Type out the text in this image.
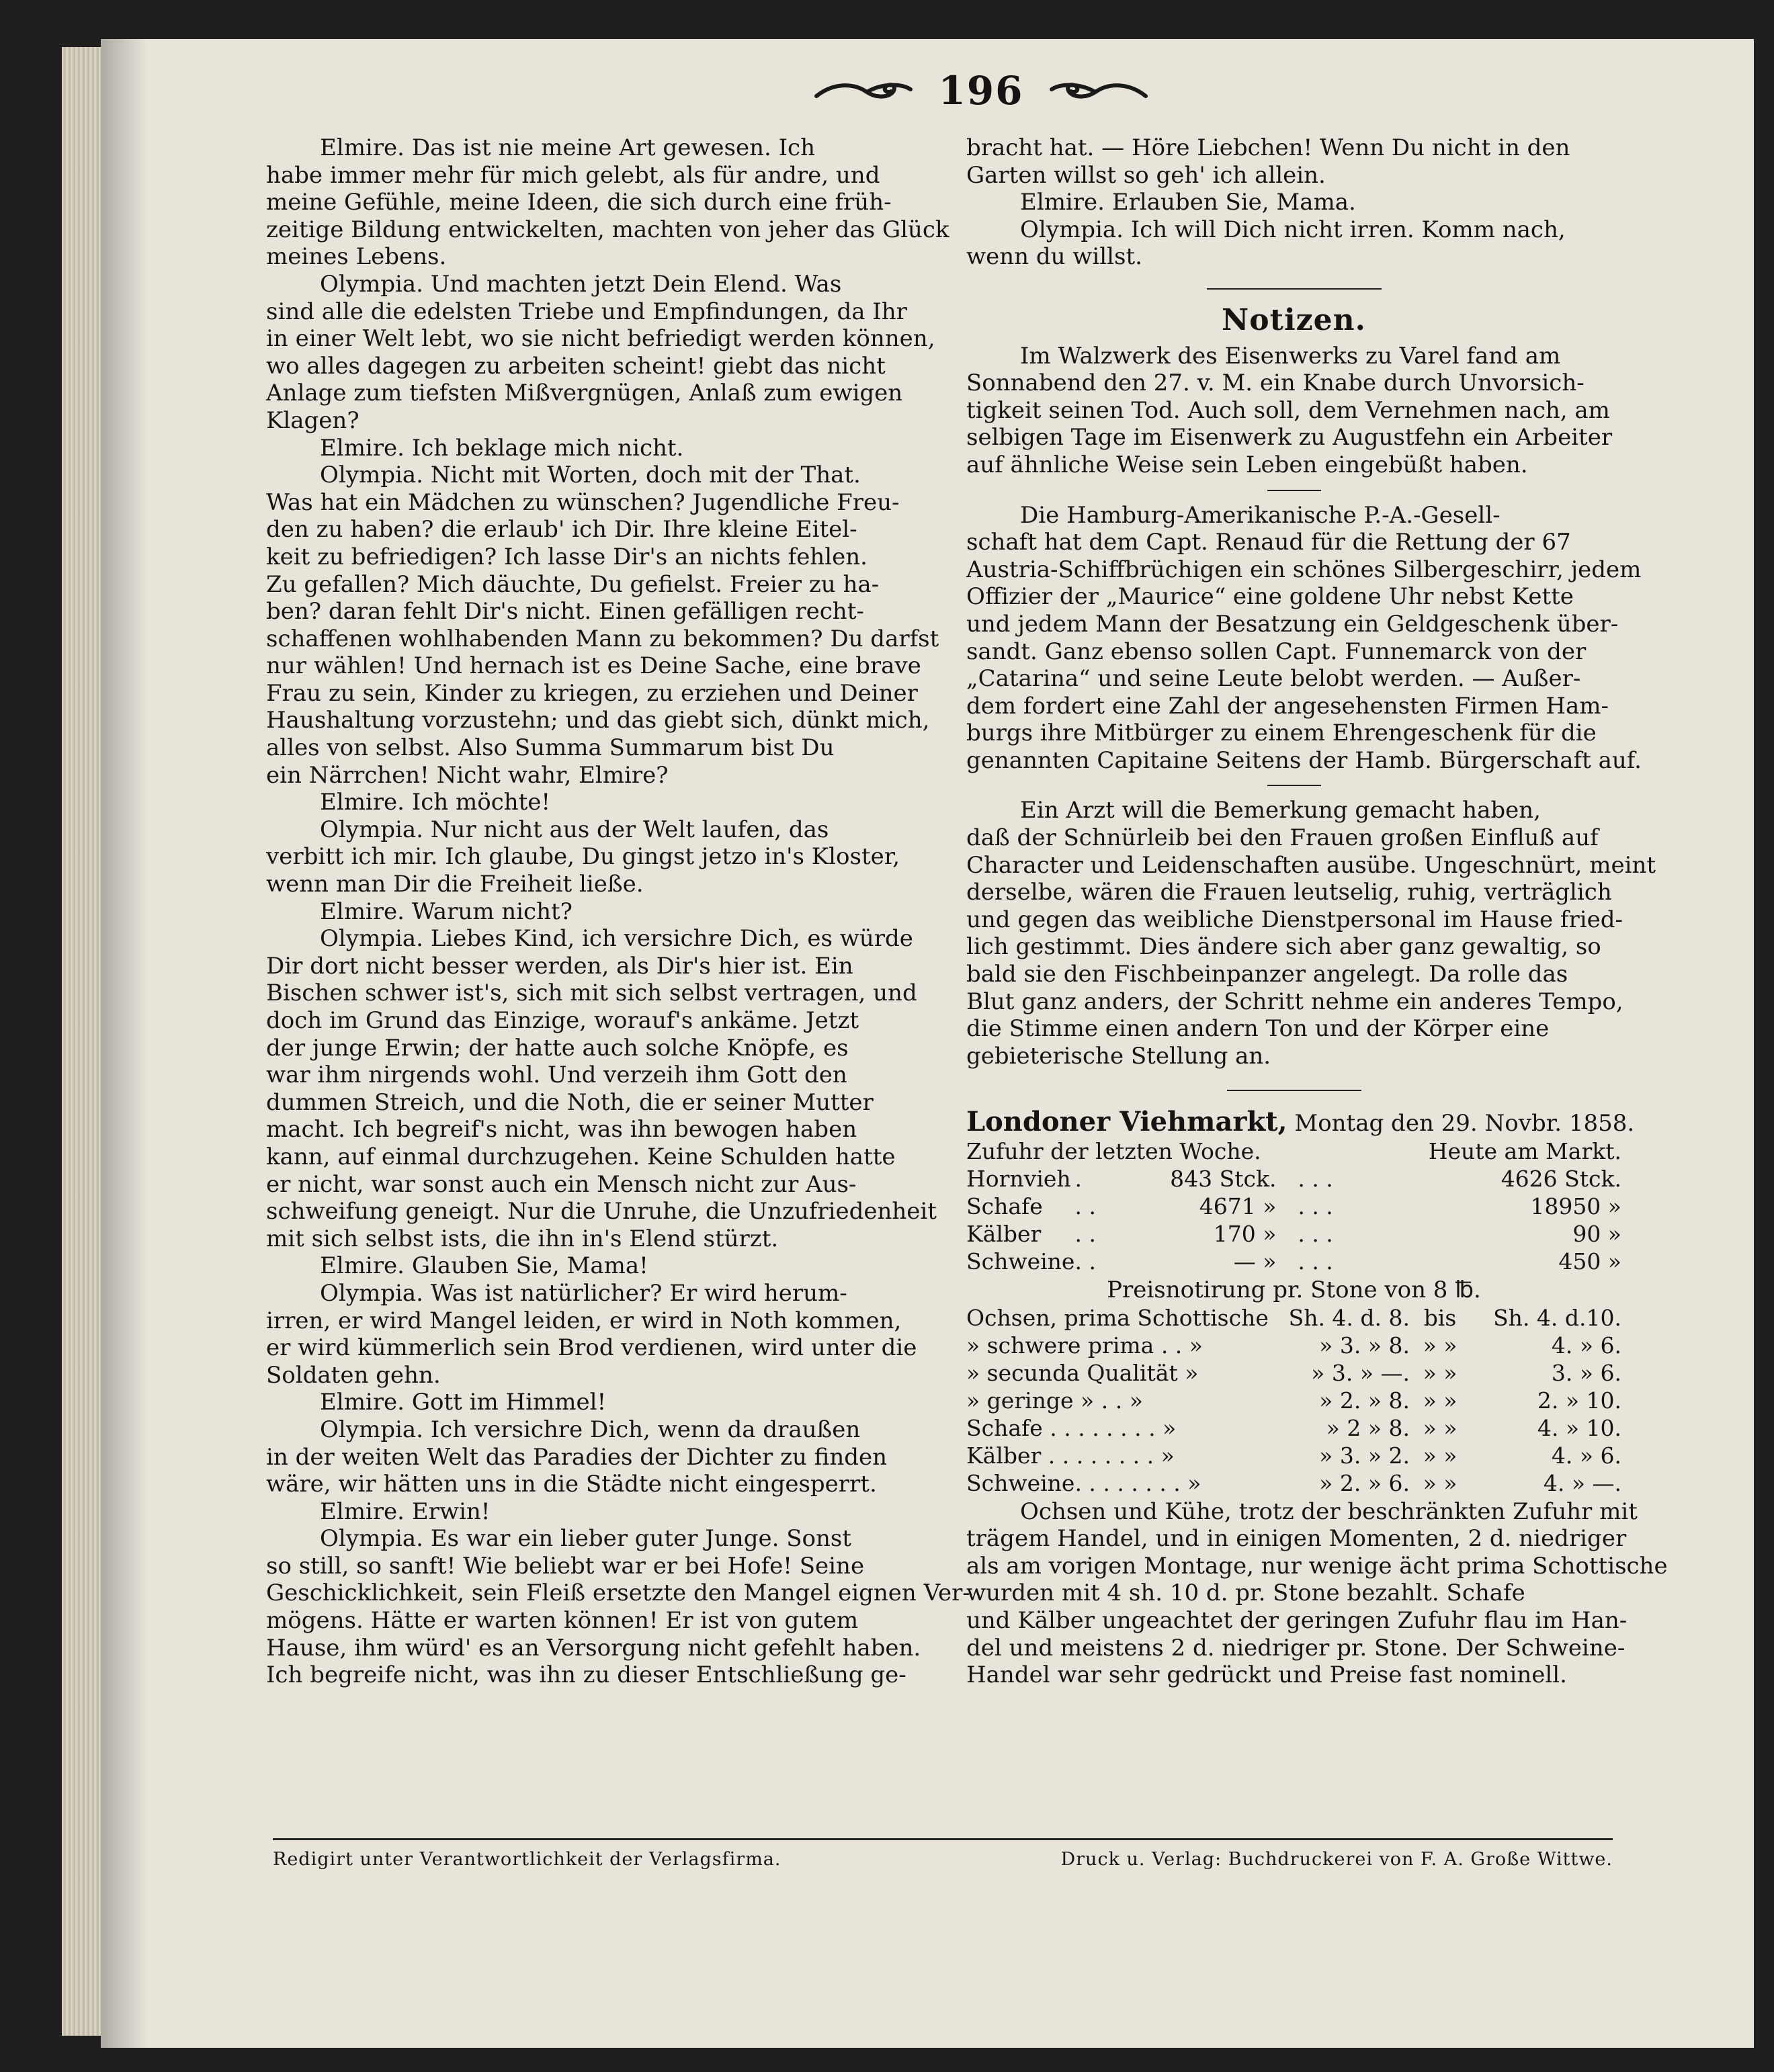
196
Elmire. Das ist nie meine Art gewesen. Ich
habe immer mehr für mich gelebt, als für andre, und
meine Gefühle, meine Ideen, die sich durch eine früh-
zeitige Bildung entwickelten, machten von jeher das Glück
meines Lebens.
Olympia. Und machten jetzt Dein Elend. Was
sind alle die edelsten Triebe und Empfindungen, da Ihr
in einer Welt lebt, wo sie nicht befriedigt werden können,
wo alles dagegen zu arbeiten scheint! giebt das nicht
Anlage zum tiefsten Mißvergnügen, Anlaß zum ewigen
Klagen?
Elmire. Ich beklage mich nicht.
Olympia. Nicht mit Worten, doch mit der That.
Was hat ein Mädchen zu wünschen? Jugendliche Freu-
den zu haben? die erlaub' ich Dir. Ihre kleine Eitel-
keit zu befriedigen? Ich lasse Dir's an nichts fehlen.
Zu gefallen? Mich däuchte, Du gefielst. Freier zu ha-
ben? daran fehlt Dir's nicht. Einen gefälligen recht-
schaffenen wohlhabenden Mann zu bekommen? Du darfst
nur wählen! Und hernach ist es Deine Sache, eine brave
Frau zu sein, Kinder zu kriegen, zu erziehen und Deiner
Haushaltung vorzustehn; und das giebt sich, dünkt mich,
alles von selbst. Also Summa Summarum bist Du
ein Närrchen! Nicht wahr, Elmire?
Elmire. Ich möchte!
Olympia. Nur nicht aus der Welt laufen, das
verbitt ich mir. Ich glaube, Du gingst jetzo in's Kloster,
wenn man Dir die Freiheit ließe.
Elmire. Warum nicht?
Olympia. Liebes Kind, ich versichre Dich, es würde
Dir dort nicht besser werden, als Dir's hier ist. Ein
Bischen schwer ist's, sich mit sich selbst vertragen, und
doch im Grund das Einzige, worauf's ankäme. Jetzt
der junge Erwin; der hatte auch solche Knöpfe, es
war ihm nirgends wohl. Und verzeih ihm Gott den
dummen Streich, und die Noth, die er seiner Mutter
macht. Ich begreif's nicht, was ihn bewogen haben
kann, auf einmal durchzugehen. Keine Schulden hatte
er nicht, war sonst auch ein Mensch nicht zur Aus-
schweifung geneigt. Nur die Unruhe, die Unzufriedenheit
mit sich selbst ists, die ihn in's Elend stürzt.
Elmire. Glauben Sie, Mama!
Olympia. Was ist natürlicher? Er wird herum-
irren, er wird Mangel leiden, er wird in Noth kommen,
er wird kümmerlich sein Brod verdienen, wird unter die
Soldaten gehn.
Elmire. Gott im Himmel!
Olympia. Ich versichre Dich, wenn da draußen
in der weiten Welt das Paradies der Dichter zu finden
wäre, wir hätten uns in die Städte nicht eingesperrt.
Elmire. Erwin!
Olympia. Es war ein lieber guter Junge. Sonst
so still, so sanft! Wie beliebt war er bei Hofe! Seine
Geschicklichkeit, sein Fleiß ersetzte den Mangel eignen Ver-
mögens. Hätte er warten können! Er ist von gutem
Hause, ihm würd' es an Versorgung nicht gefehlt haben.
Ich begreife nicht, was ihn zu dieser Entschließung ge-
bracht hat. — Höre Liebchen! Wenn Du nicht in den
Garten willst so geh' ich allein.
Elmire. Erlauben Sie, Mama.
Olympia. Ich will Dich nicht irren. Komm nach,
wenn du willst.
Notizen.
Im Walzwerk des Eisenwerks zu Varel fand am
Sonnabend den 27. v. M. ein Knabe durch Unvorsich-
tigkeit seinen Tod. Auch soll, dem Vernehmen nach, am
selbigen Tage im Eisenwerk zu Augustfehn ein Arbeiter
auf ähnliche Weise sein Leben eingebüßt haben.
Die Hamburg-Amerikanische P.-A.-Gesell-
schaft hat dem Capt. Renaud für die Rettung der 67
Austria-Schiffbrüchigen ein schönes Silbergeschirr, jedem
Offizier der „Maurice“ eine goldene Uhr nebst Kette
und jedem Mann der Besatzung ein Geldgeschenk über-
sandt. Ganz ebenso sollen Capt. Funnemarck von der
„Catarina“ und seine Leute belobt werden. — Außer-
dem fordert eine Zahl der angesehensten Firmen Ham-
burgs ihre Mitbürger zu einem Ehrengeschenk für die
genannten Capitaine Seitens der Hamb. Bürgerschaft auf.
Ein Arzt will die Bemerkung gemacht haben,
daß der Schnürleib bei den Frauen großen Einfluß auf
Character und Leidenschaften ausübe. Ungeschnürt, meint
derselbe, wären die Frauen leutselig, ruhig, verträglich
und gegen das weibliche Dienstpersonal im Hause fried-
lich gestimmt. Dies ändere sich aber ganz gewaltig, so
bald sie den Fischbeinpanzer angelegt. Da rolle das
Blut ganz anders, der Schritt nehme ein anderes Tempo,
die Stimme einen andern Ton und der Körper eine
gebieterische Stellung an.
Londoner Viehmarkt, Montag den 29. Novbr. 1858.
Zufuhr der letzten Woche.			Heute am Markt.	
Hornvieh	.	843 Stck.	. . .	4626 Stck.
Schafe	. .	4671 »	. . .	18950 »
Kälber	. .	170 »	. . .	90 »
Schweine	. .	— »	. . .	450 »
Preisnotirung pr. Stone von 8 ℔.
Ochsen, prima Schottische	Sh. 4. d. 8.	bis	Sh. 4. d.10.
» schwere prima . . »	» 3. » 8.	» »	4. » 6.
» secunda Qualität »	» 3. » —.	» »	3. » 6.
» geringe » . . »	» 2. » 8.	» »	2. » 10.
Schafe . . . . . . . . »	» 2 » 8.	» »	4. » 10.
Kälber . . . . . . . . »	» 3. » 2.	» »	4. » 6.
Schweine. . . . . . . . »	» 2. » 6.	» »	4. » —.
Ochsen und Kühe, trotz der beschränkten Zufuhr mit
trägem Handel, und in einigen Momenten, 2 d. niedriger
als am vorigen Montage, nur wenige ächt prima Schottische
wurden mit 4 sh. 10 d. pr. Stone bezahlt. Schafe
und Kälber ungeachtet der geringen Zufuhr flau im Han-
del und meistens 2 d. niedriger pr. Stone. Der Schweine-
Handel war sehr gedrückt und Preise fast nominell.
Redigirt unter Verantwortlichkeit der Verlagsfirma.	Druck u. Verlag: Buchdruckerei von F. A. Große Wittwe.
